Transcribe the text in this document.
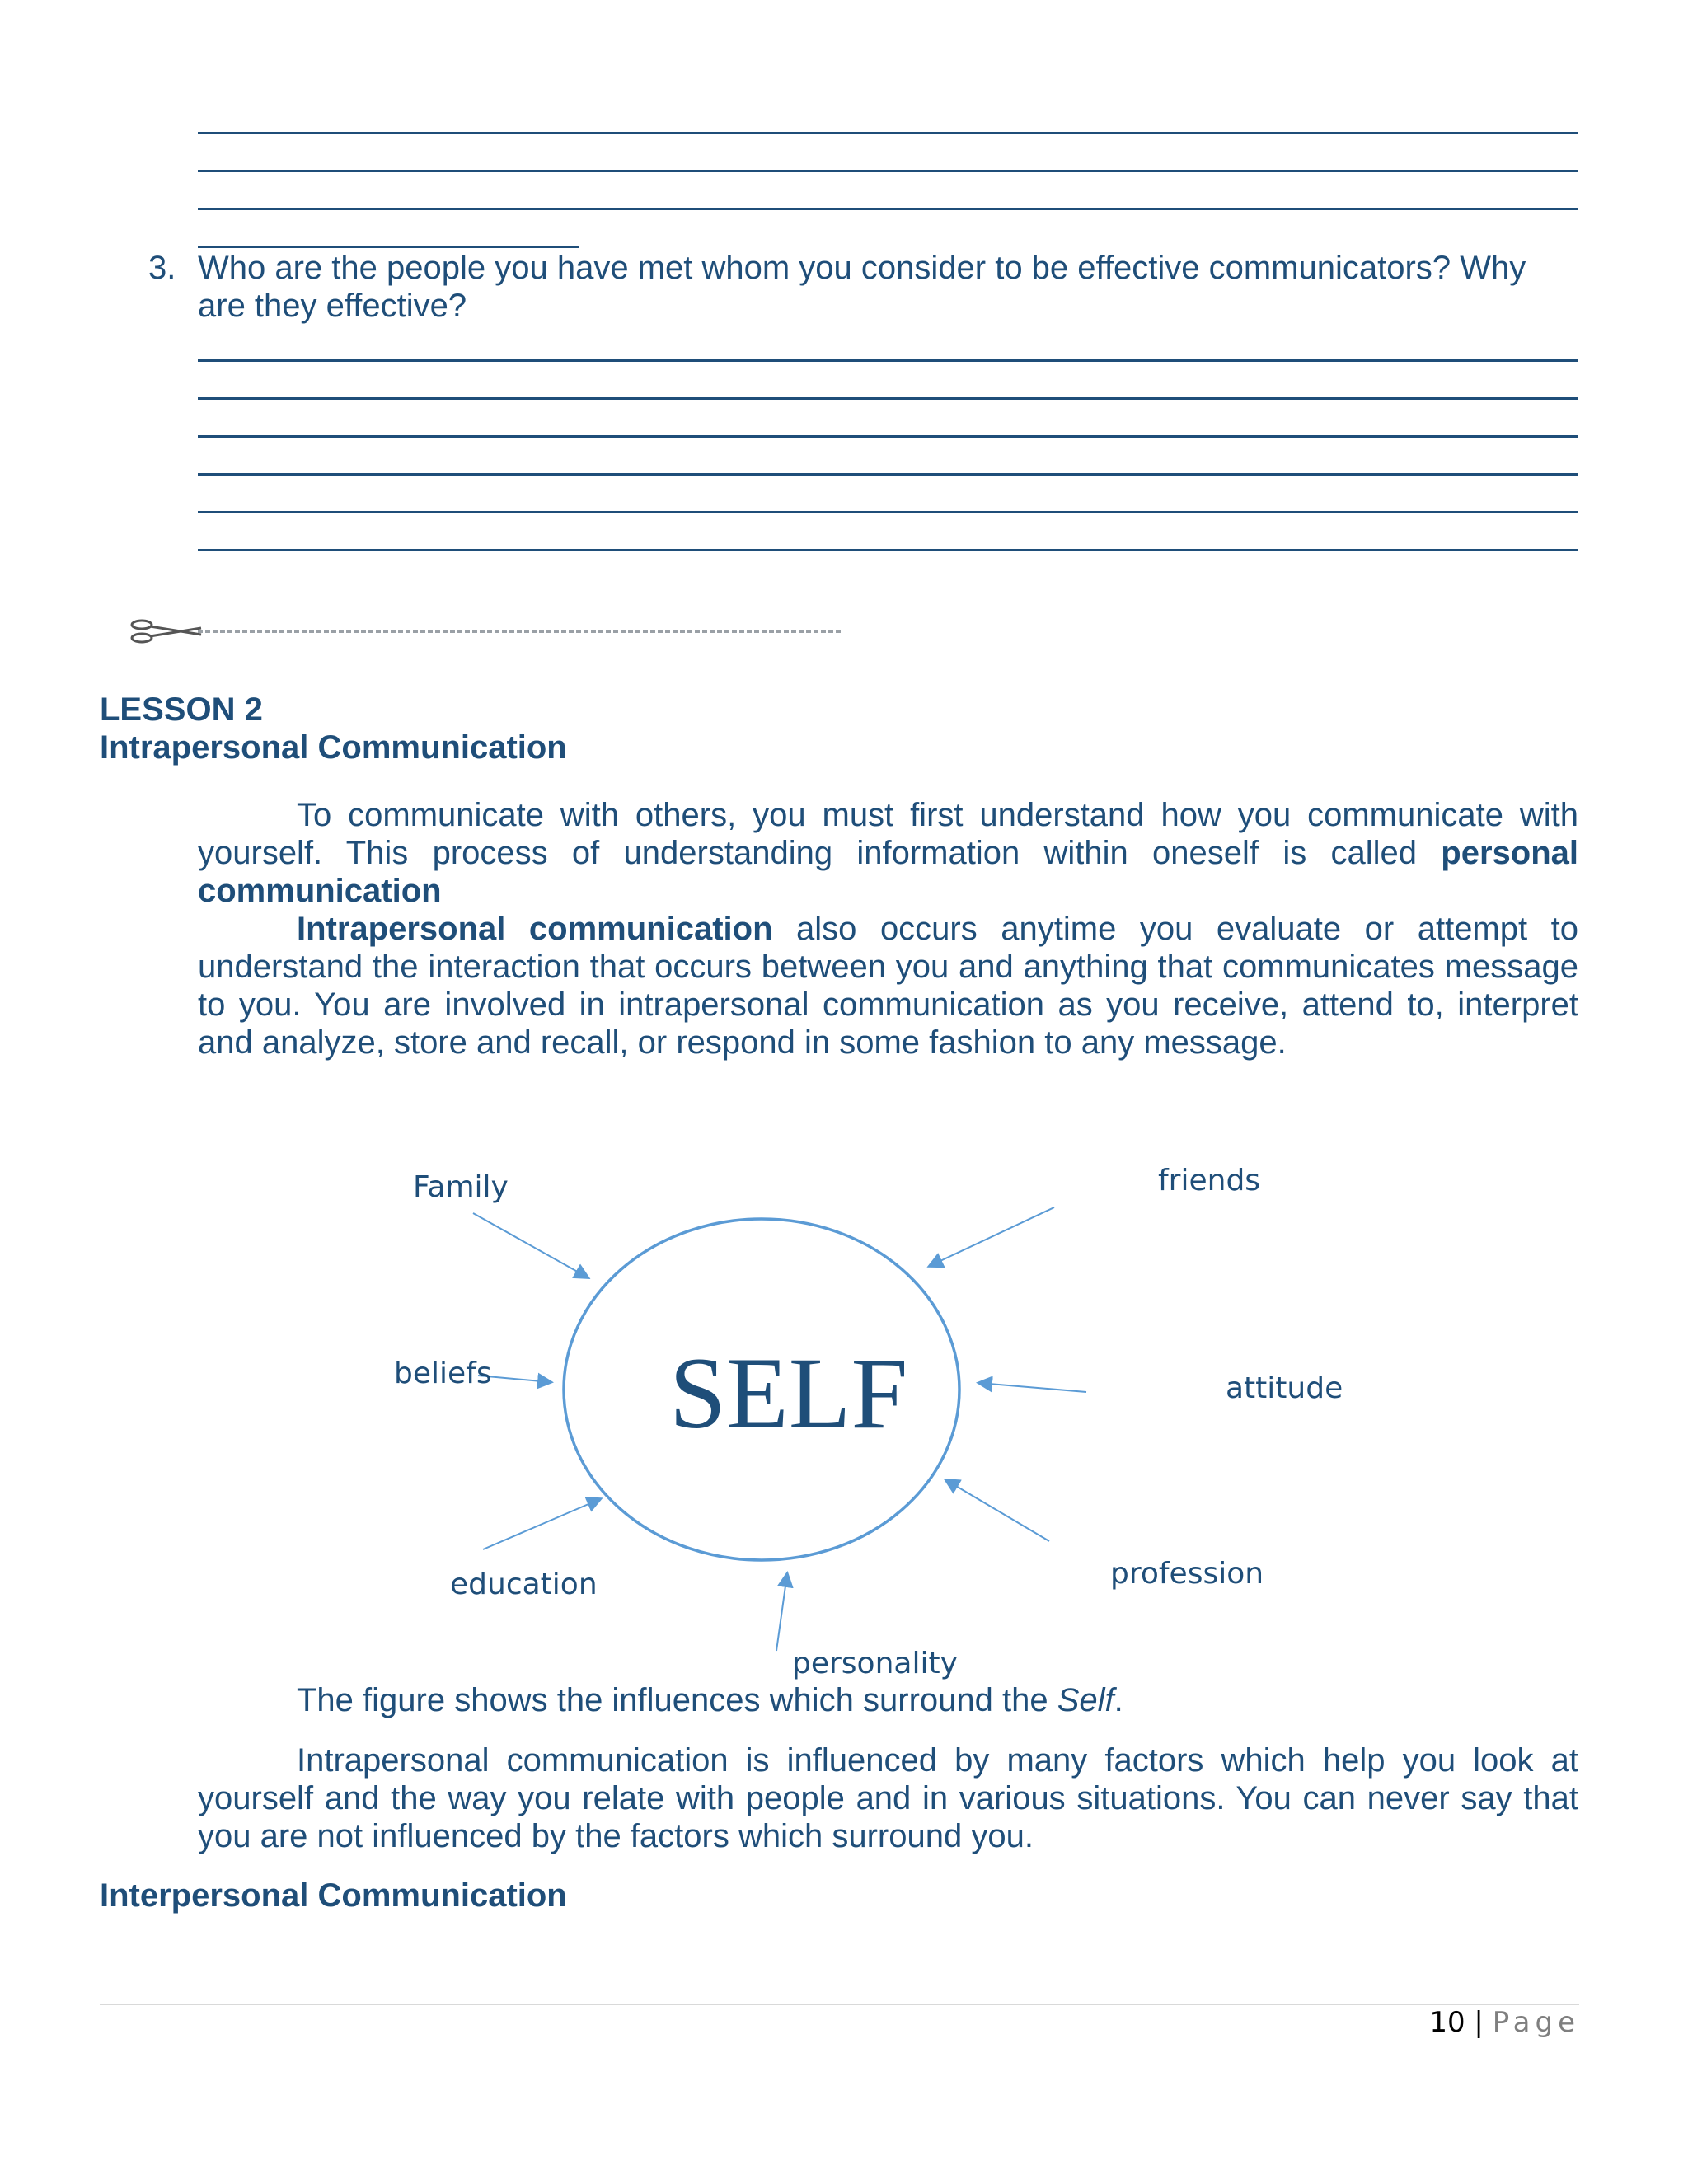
3. Who are the people you have met whom you consider to be effective communicators? Why are they effective?
LESSON 2
Intrapersonal Communication
To communicate with others, you must first understand how you communicate with yourself. This process of understanding information within oneself is called personal communication
Intrapersonal communication also occurs anytime you evaluate or attempt to understand the interaction that occurs between you and anything that communicates message to you. You are involved in intrapersonal communication as you receive, attend to, interpret and analyze, store and recall, or respond in some fashion to any message.
SELF
Family	friends
beliefs	attitude
education	profession
personality
The figure shows the influences which surround the Self.
Intrapersonal communication is influenced by many factors which help you look at yourself and the way you relate with people and in various situations. You can never say that you are not influenced by the factors which surround you.
Interpersonal Communication
10 | Page
